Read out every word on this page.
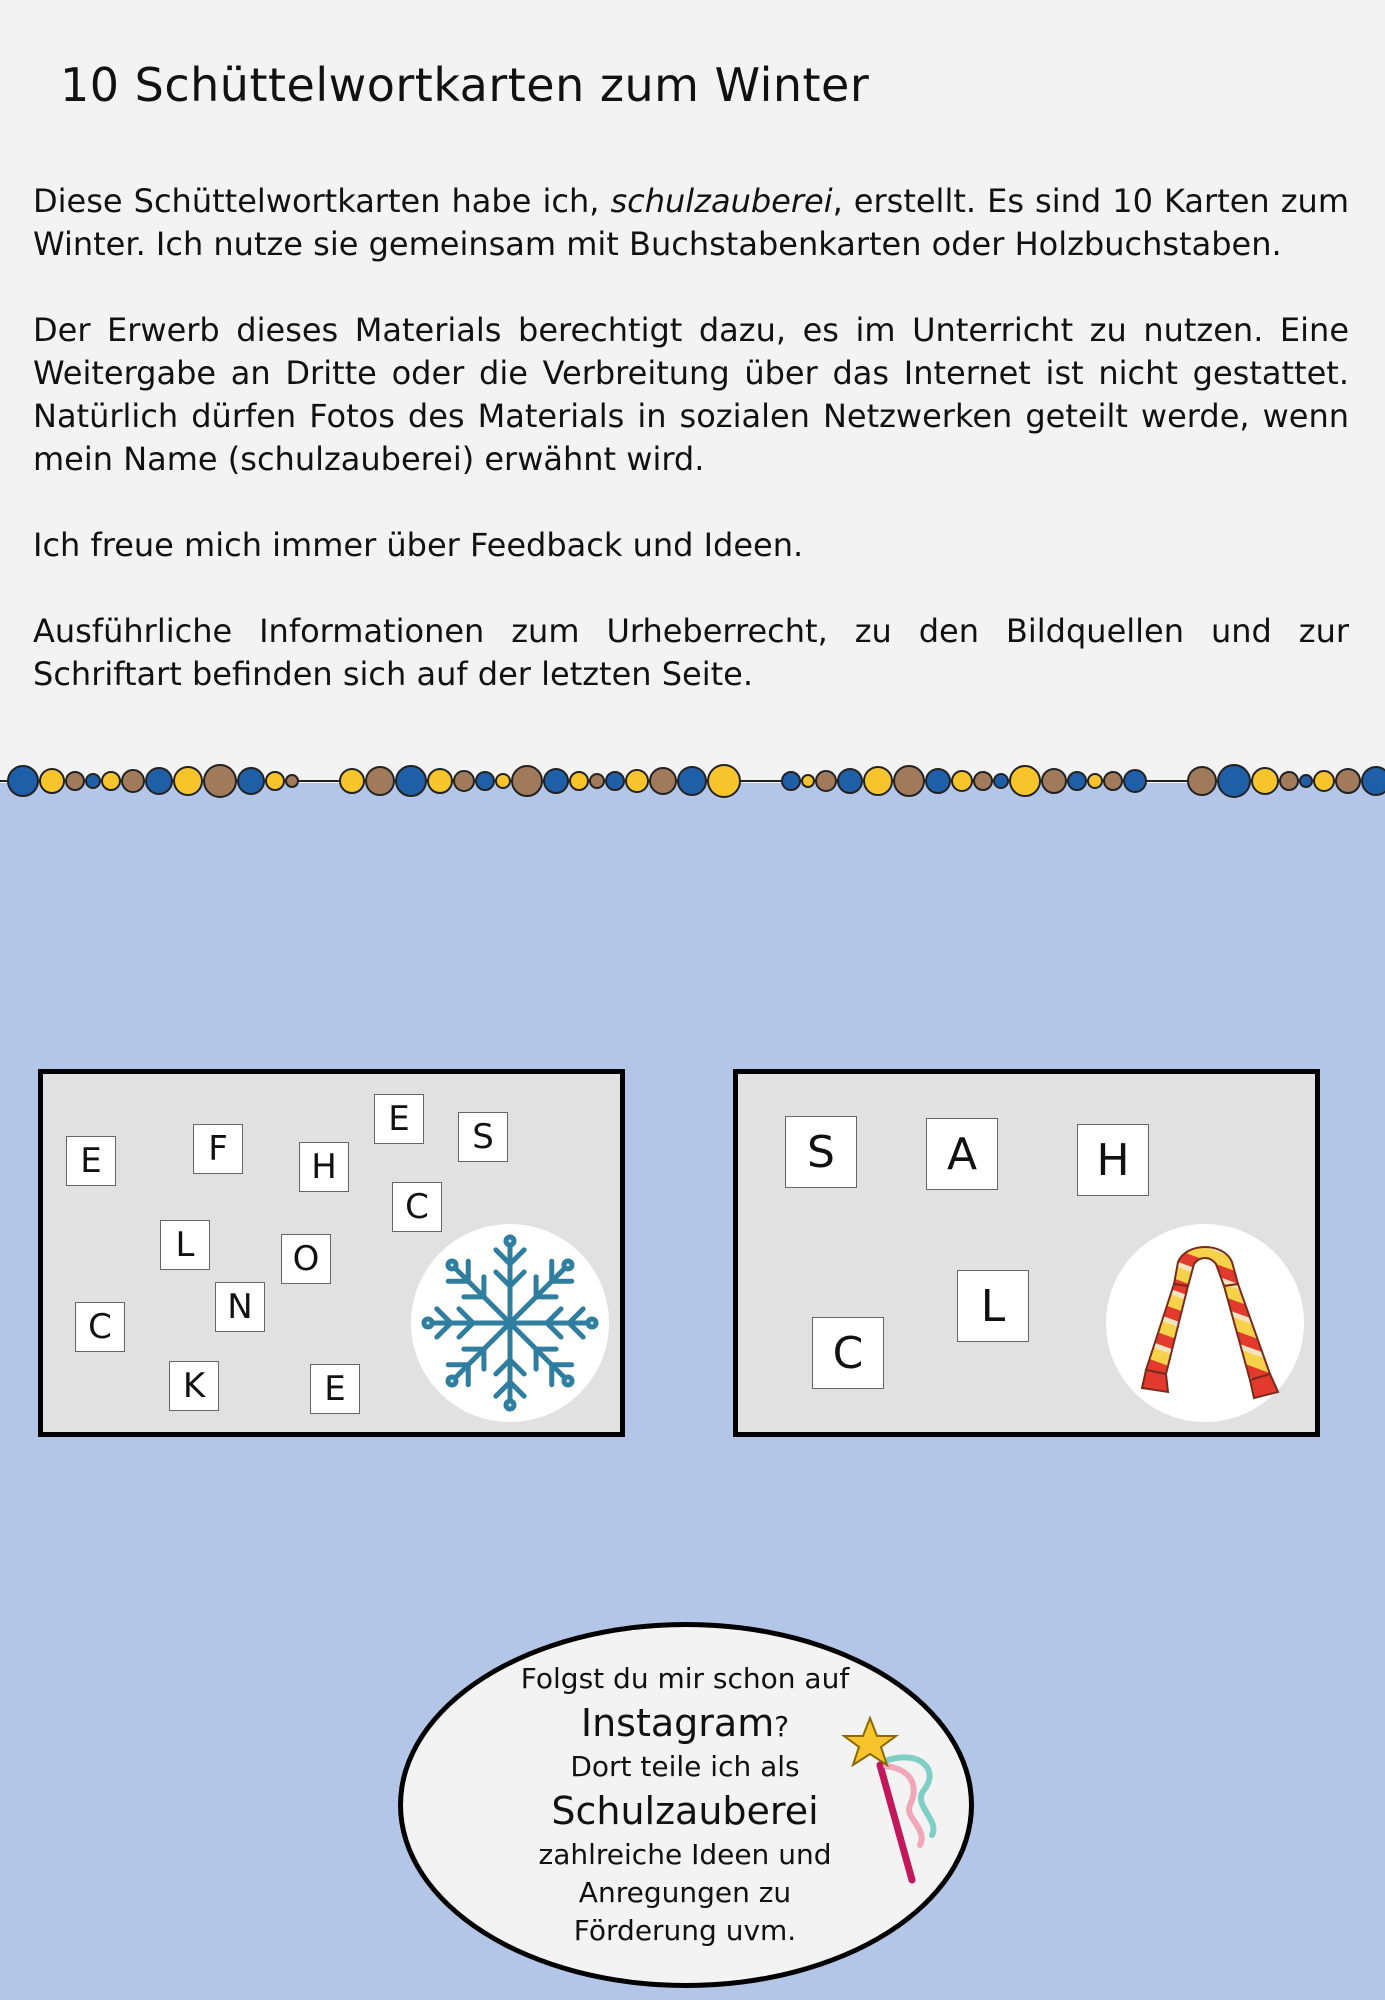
10 Schüttelwortkarten zum Winter

Diese Schüttelwortkarten habe ich, schulzauberei, erstellt. Es sind 10 Karten zum Winter. Ich nutze sie gemeinsam mit Buchstabenkarten oder Holzbuchstaben.

Der Erwerb dieses Materials berechtigt dazu, es im Unterricht zu nutzen. Eine Weitergabe an Dritte oder die Verbreitung über das Internet ist nicht gestattet. Natürlich dürfen Fotos des Materials in sozialen Netzwerken geteilt werde, wenn mein Name (schulzauberei) erwähnt wird.

Ich freue mich immer über Feedback und Ideen.

Ausführliche Informationen zum Urheberrecht, zu den Bildquellen und zur Schriftart befinden sich auf der letzten Seite.

E	F	H
E	S
C
L	O
N
C
K	E
S	A	H
L
C
Folgst du mir schon auf
Instagram?
Dort teile ich als
Schulzauberei
zahlreiche Ideen und
Anregungen zu
Förderung uvm.
